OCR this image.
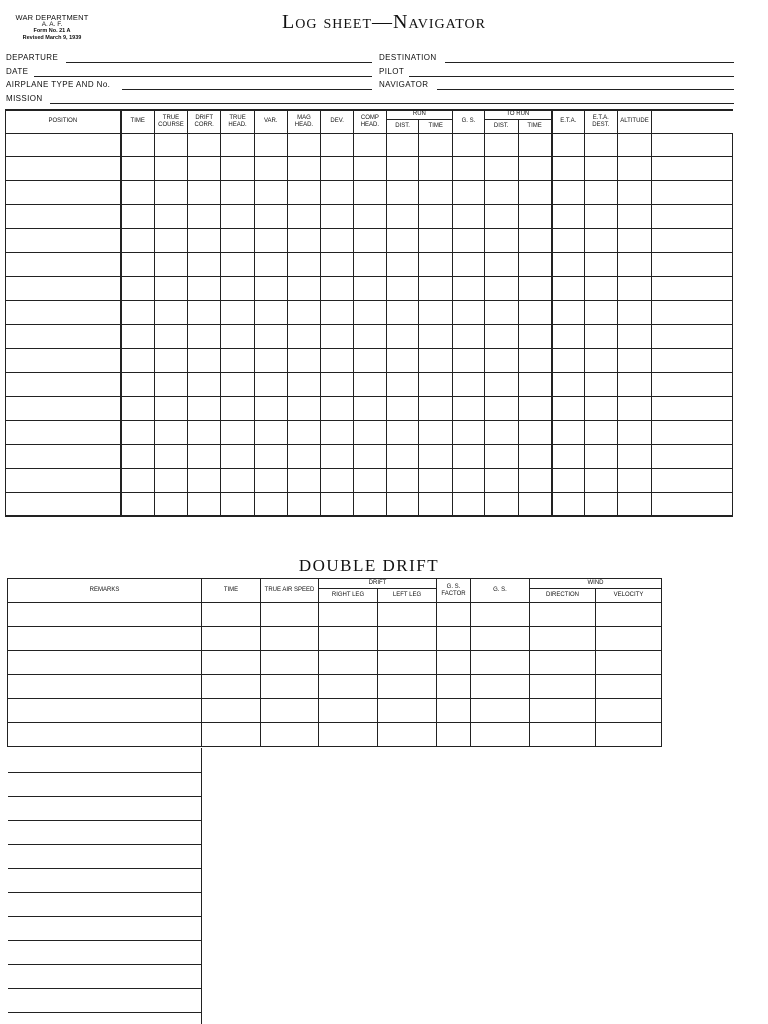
WAR DEPARTMENT
A. A. F.
Form No. 21 A
Revised March 9, 1939
Log sheet—Navigator
DEPARTURE	DESTINATION
DATE	PILOT
AIRPLANE TYPE AND No.	NAVIGATOR
MISSION
POSITION	TIME	TRUE COURSE	DRIFT CORR.	TRUE HEAD.	VAR.	MAG HEAD.	DEV.	COMP HEAD.	RUN		G. S.	TO RUN		E.T.A.	E.T.A. DEST.	ALTITUDE	
									DIST.	TIME		DIST.	TIME				

DOUBLE DRIFT
REMARKS	TIME	TRUE AIR SPEED	DRIFT		G. S. FACTOR	G. S.	WIND	
			RIGHT LEG	LEFT LEG			DIRECTION	VELOCITY
